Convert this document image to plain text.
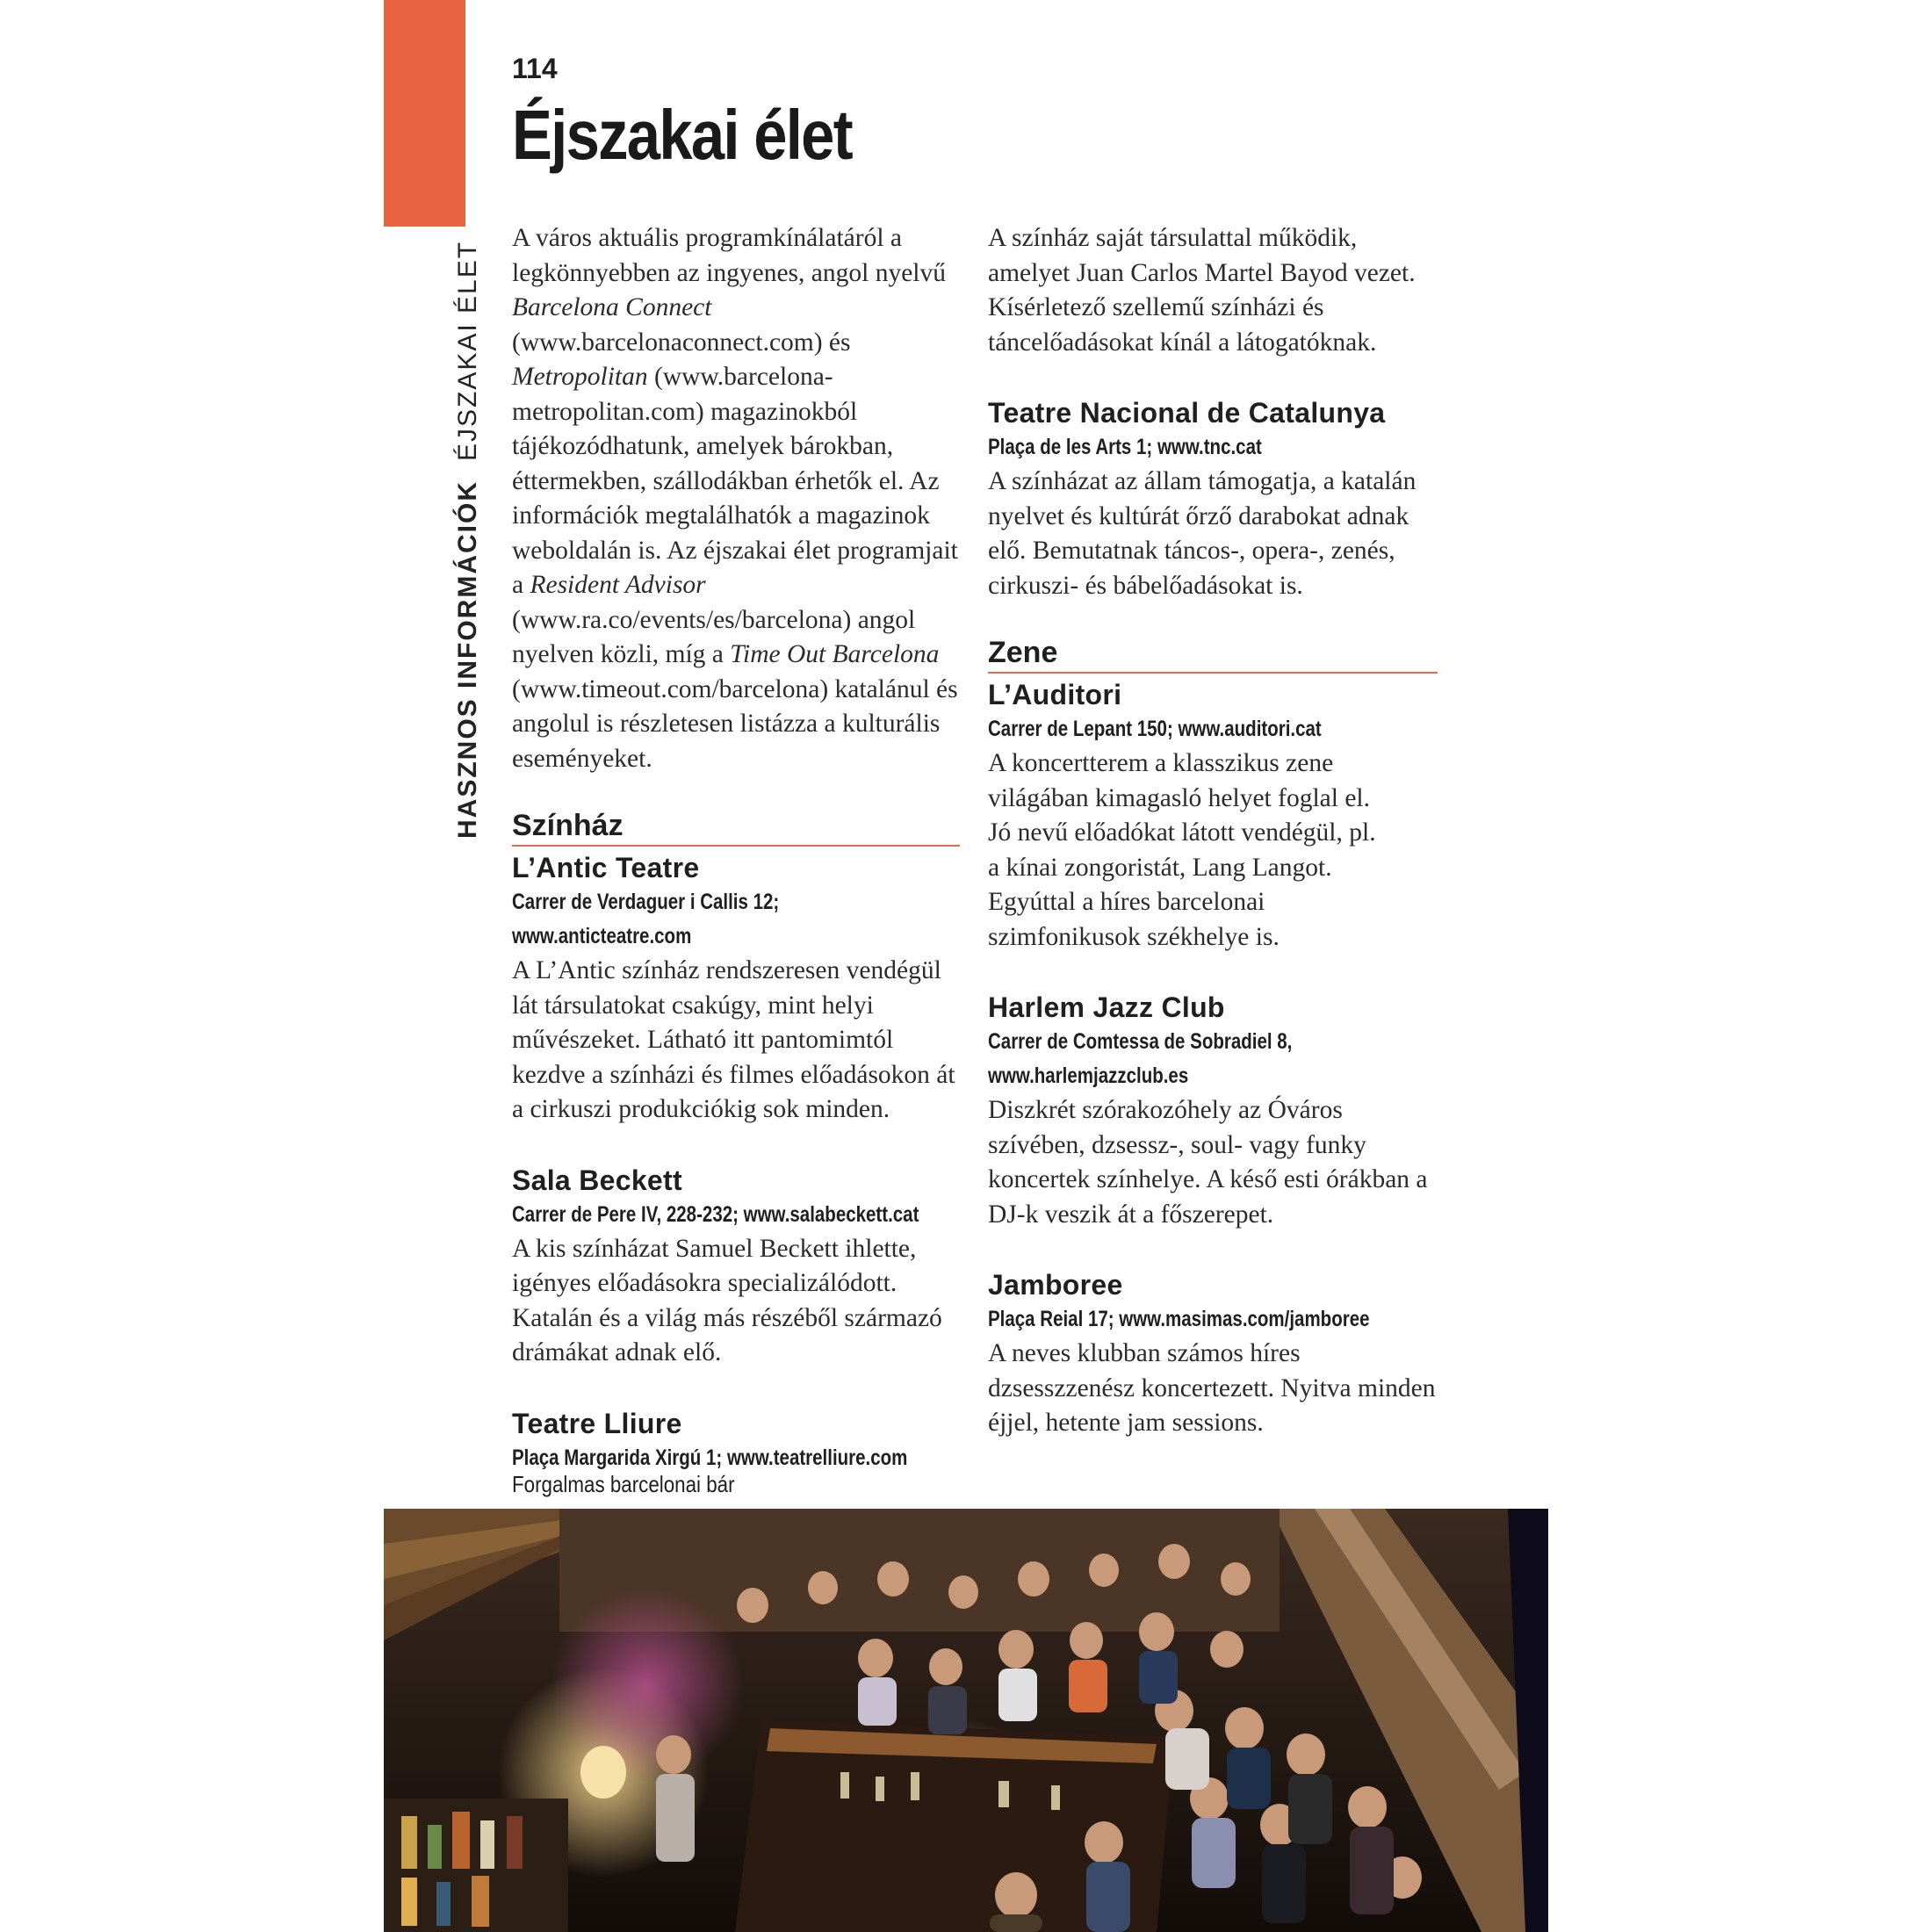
HASZNOS INFORMÁCIÓKÉJSZAKAI ÉLET
114
Éjszakai élet

A város aktuális programkínálatáról a legkönnyebben az ingyenes, angol nyelvű Barcelona Connect (www.barcelonaconnect.com) és Metropolitan (www.barcelona-metropolitan.com) magazinokból tájékozódhatunk, amelyek bárokban, éttermekben, szállodákban érhetők el. Az információk megtalálhatók a magazinok weboldalán is. Az éjszakai élet programjait a Resident Advisor (www.ra.co/events/es/barcelona) angol nyelven közli, míg a Time Out Barcelona (www.timeout.com/barcelona) katalánul és angolul is részletesen listázza a kulturális eseményeket.

Színház
L’Antic Teatre
Carrer de Verdaguer i Callis 12;
www.anticteatre.com

A L’Antic színház rendszeresen vendégül lát társulatokat csakúgy, mint helyi művészeket. Látható itt pantomimtól kezdve a színházi és filmes előadásokon át a cirkuszi produkciókig sok minden.

Sala Beckett
Carrer de Pere IV, 228-232; www.salabeckett.cat

A kis színházat Samuel Beckett ihlette, igényes előadásokra specializálódott. Katalán és a világ más részéből származó drámákat adnak elő.

Teatre Lliure
Plaça Margarida Xirgú 1; www.teatrelliure.com

A színház saját társulattal működik, amelyet Juan Carlos Martel Bayod vezet. Kísérletező szellemű színházi és táncelőadásokat kínál a látogatóknak.

Teatre Nacional de Catalunya
Plaça de les Arts 1; www.tnc.cat

A színházat az állam támogatja, a katalán nyelvet és kultúrát őrző darabokat adnak elő. Bemutatnak táncos-, opera-, zenés, cirkuszi- és bábelőadásokat is.

Zene
L’Auditori
Carrer de Lepant 150; www.auditori.cat

A koncertterem a klasszikus zene világában kimagasló helyet foglal el. Jó nevű előadókat látott vendégül, pl. a kínai zongoristát, Lang Langot. Egyúttal a híres barcelonai szimfonikusok székhelye is.

Harlem Jazz Club
Carrer de Comtessa de Sobradiel 8,
www.harlemjazzclub.es

Diszkrét szórakozóhely az Óváros szívében, dzsessz-, soul- vagy funky koncertek színhelye. A késő esti órákban a DJ-k veszik át a főszerepet.

Jamboree
Plaça Reial 17; www.masimas.com/jamboree

A neves klubban számos híres dzsesszzenész koncertezett. Nyitva minden éjjel, hetente jam sessions.

Forgalmas barcelonai bár
